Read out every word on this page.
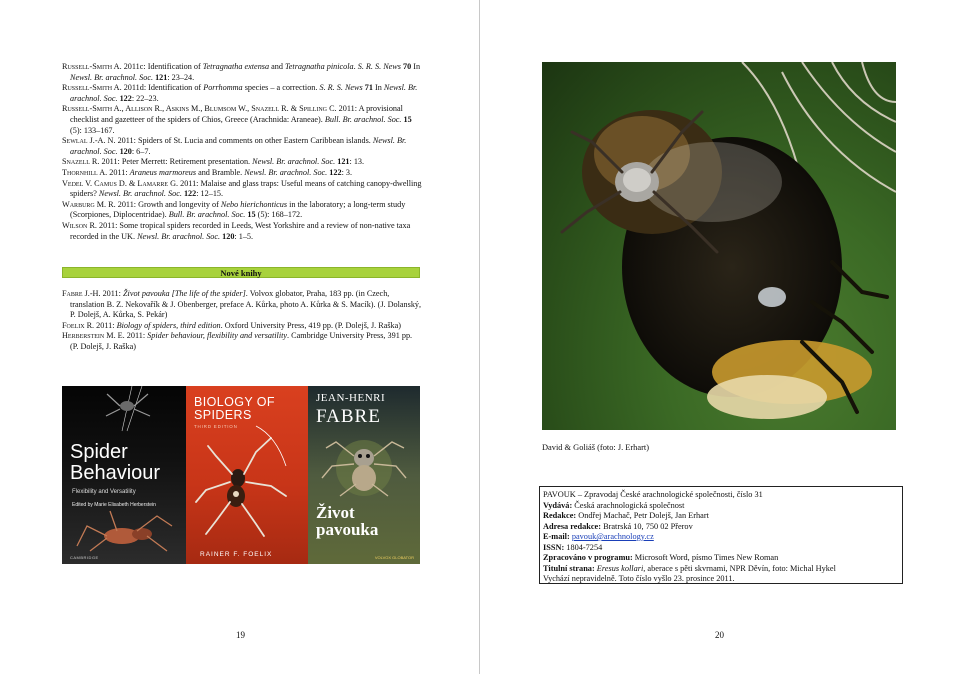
Russell-Smith A. 2011c: Identification of Tetragnatha extensa and Tetragnatha pinicola. S. R. S. News 70 In Newsl. Br. arachnol. Soc. 121: 23–24.

Russell-Smith A. 2011d: Identification of Porrhomma species – a correction. S. R. S. News 71 In Newsl. Br. arachnol. Soc. 122: 22–23.

Russell-Smith A., Allison R., Askins M., Blumsom W., Snazell R. & Spilling C. 2011: A provisional checklist and gazetteer of the spiders of Chios, Greece (Arachnida: Araneae). Bull. Br. arachnol. Soc. 15 (5): 133–167.

Sewlal J.-A. N. 2011: Spiders of St. Lucia and comments on other Eastern Caribbean islands. Newsl. Br. arachnol. Soc. 120: 6–7.

Snazell R. 2011: Peter Merrett: Retirement presentation. Newsl. Br. arachnol. Soc. 121: 13.

Thornhill A. 2011: Araneus marmoreus and Bramble. Newsl. Br. arachnol. Soc. 122: 3.

Vedel V. Camus D. & Lamarre G. 2011: Malaise and glass traps: Useful means of catching canopy-dwelling spiders? Newsl. Br. arachnol. Soc. 122: 12–15.

Warburg M. R. 2011: Growth and longevity of Nebo hierichonticus in the laboratory; a long-term study (Scorpiones, Diplocentridae). Bull. Br. arachnol. Soc. 15 (5): 168–172.

Wilson R. 2011: Some tropical spiders recorded in Leeds, West Yorkshire and a review of non-native taxa recorded in the UK. Newsl. Br. arachnol. Soc. 120: 1–5.

Nové knihy

Fabre J.-H. 2011: Život pavouka [The life of the spider]. Volvox globator, Praha, 183 pp. (in Czech, translation B. Z. Nekovařík & J. Obenberger, preface A. Kůrka, photo A. Kůrka & S. Macík). (J. Dolanský, P. Dolejš, A. Kůrka, S. Pekár)

Foelix R. 2011: Biology of spiders, third edition. Oxford University Press, 419 pp. (P. Dolejš, J. Raška)

Herberstein M. E. 2011: Spider behaviour, flexibility and versatility. Cambridge University Press, 391 pp. (P. Dolejš, J. Raška)

Spider Behaviour
Flexibility and Versatility
Edited by Marie Elisabeth Herberstein
CAMBRIDGE
BIOLOGY OF SPIDERS
THIRD EDITION
RAINER F. FOELIX
JEAN-HENRI
FABRE
Život pavouka
VOLVOX GLOBATOR
19
David & Goliáš (foto: J. Erhart)

PAVOUK – Zpravodaj České arachnologické společnosti, číslo 31

Vydává: Česká arachnologická společnost

Redakce: Ondřej Machač, Petr Dolejš, Jan Erhart

Adresa redakce: Bratrská 10, 750 02 Přerov

E-mail: pavouk@arachnology.cz

ISSN: 1804-7254

Zpracováno v programu: Microsoft Word, písmo Times New Roman

Titulní strana: Eresus kollari, aberace s pěti skvrnami, NPR Děvín, foto: Michal Hykel

Vychází nepravidelně. Toto číslo vyšlo 23. prosince 2011.

20
